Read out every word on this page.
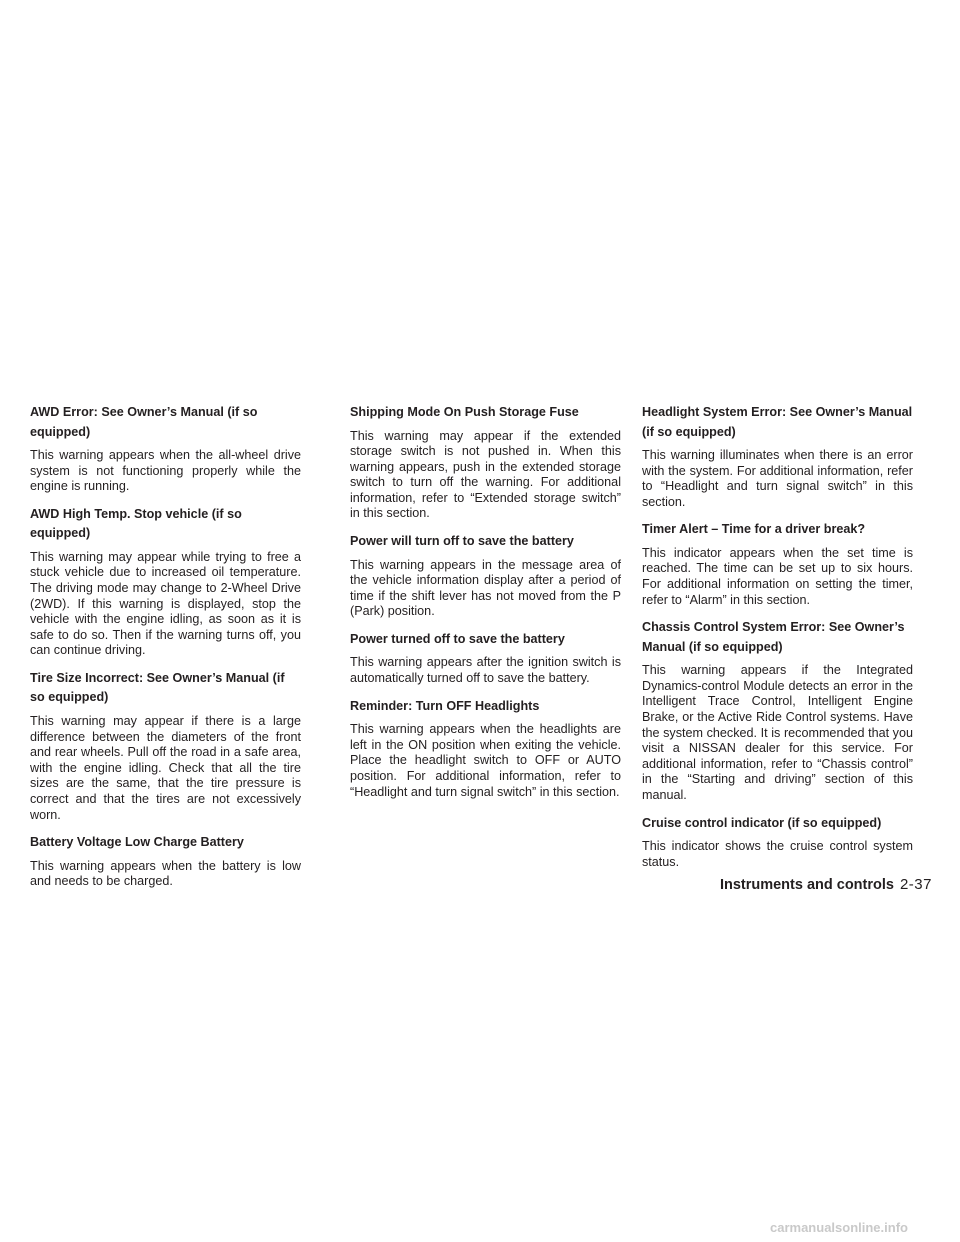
AWD Error: See Owner’s Manual (if so equipped)
This warning appears when the all-wheel drive system is not functioning properly while the engine is running.
AWD High Temp. Stop vehicle (if so equipped)
This warning may appear while trying to free a stuck vehicle due to increased oil temperature. The driving mode may change to 2-Wheel Drive (2WD). If this warning is displayed, stop the vehicle with the engine idling, as soon as it is safe to do so. Then if the warning turns off, you can continue driving.
Tire Size Incorrect: See Owner’s Manual (if so equipped)
This warning may appear if there is a large difference between the diameters of the front and rear wheels. Pull off the road in a safe area, with the engine idling. Check that all the tire sizes are the same, that the tire pressure is correct and that the tires are not excessively worn.
Battery Voltage Low Charge Battery
This warning appears when the battery is low and needs to be charged.
Shipping Mode On Push Storage Fuse
This warning may appear if the extended storage switch is not pushed in. When this warning appears, push in the extended storage switch to turn off the warning. For additional information, refer to “Extended storage switch” in this section.
Power will turn off to save the battery
This warning appears in the message area of the vehicle information display after a period of time if the shift lever has not moved from the P (Park) position.
Power turned off to save the battery
This warning appears after the ignition switch is automatically turned off to save the battery.
Reminder: Turn OFF Headlights
This warning appears when the headlights are left in the ON position when exiting the vehicle. Place the headlight switch to OFF or AUTO position. For additional information, refer to “Headlight and turn signal switch” in this section.
Headlight System Error: See Owner’s Manual (if so equipped)
This warning illuminates when there is an error with the system. For additional information, refer to “Headlight and turn signal switch” in this section.
Timer Alert – Time for a driver break?
This indicator appears when the set time is reached. The time can be set up to six hours. For additional information on setting the timer, refer to “Alarm” in this section.
Chassis Control System Error: See Owner’s Manual (if so equipped)
This warning appears if the Integrated Dynamics-control Module detects an error in the Intelligent Trace Control, Intelligent Engine Brake, or the Active Ride Control systems. Have the system checked. It is recommended that you visit a NISSAN dealer for this service. For additional information, refer to “Chassis control” in the “Starting and driving” section of this manual.
Cruise control indicator (if so equipped)
This indicator shows the cruise control system status.
Instruments and controls 2-37
carmanualsonline.info
